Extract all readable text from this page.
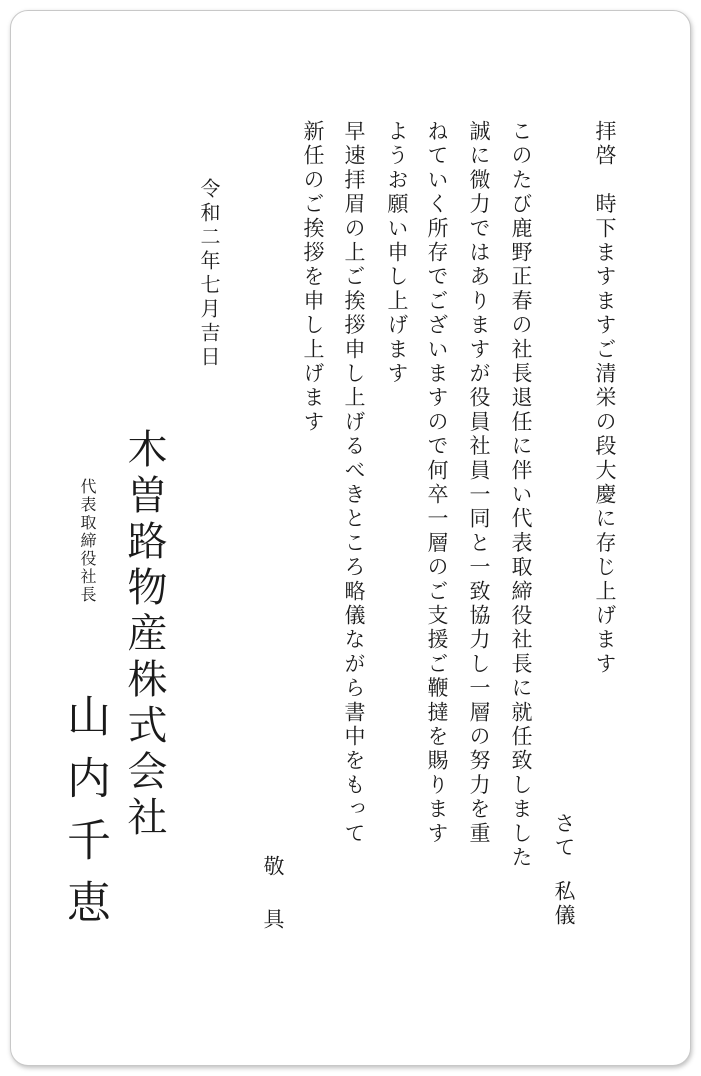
拝啓　時下ますますご清栄の段大慶に存じ上げます
さて
私儀
このたび鹿野正春の社長退任に伴い代表取締役社長に就任致しました
誠に微力ではありますが役員社員一同と一致協力し一層の努力を重
ねていく所存でございますので何卒一層のご支援ご鞭撻を賜ります
ようお願い申し上げます
早速拝眉の上ご挨拶申し上げるべきところ略儀ながら書中をもって
新任のご挨拶を申し上げます
敬
具
令和二年七月吉日
木曽路物産株式会社
代表取締役社長
山内千恵
